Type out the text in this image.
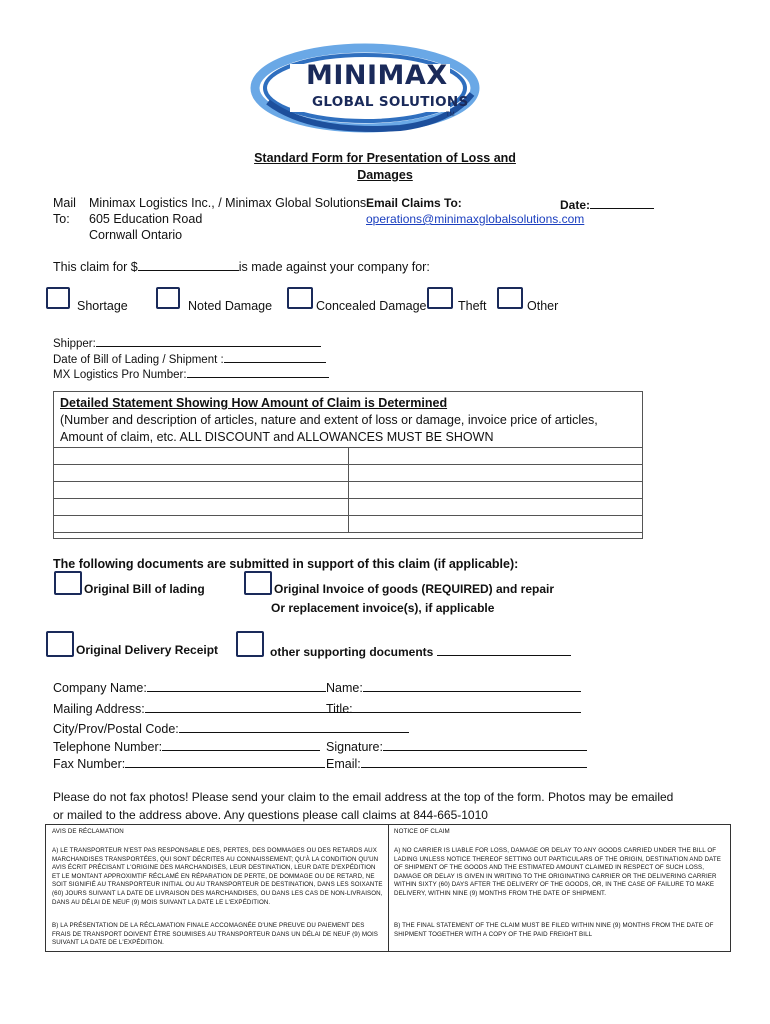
MINIMAX
GLOBAL SOLUTIONS
TM
Standard Form for Presentation of Loss and
Damages
Mail
To:
Minimax Logistics Inc., / Minimax Global Solutions
605 Education Road
Cornwall Ontario
Email Claims To:
operations@minimaxglobalsolutions.com
Date:
This claim for $	is made against your company for:
Shortage	Noted Damage	Concealed Damage	Theft	Other
Shipper:
Date of Bill of Lading / Shipment :
MX Logistics Pro Number:
Detailed Statement Showing How Amount of Claim is Determined
(Number and description of articles, nature and extent of loss or damage, invoice price of articles,
Amount of claim, etc. ALL DISCOUNT and ALLOWANCES MUST BE SHOWN

The following documents are submitted in support of this claim (if applicable):
Original Bill of lading	Original Invoice of goods (REQUIRED) and repair
Or replacement invoice(s), if applicable
Original Delivery Receipt	other supporting documents
Company Name:	Name:
Mailing Address:	Title:
City/Prov/Postal Code:
Telephone Number:	Signature:
Fax Number:	Email:
Please do not fax photos! Please send your claim to the email address at the top of the form. Photos may be emailed
or mailed to the address above. Any questions please call claims at 844-665-1010
AVIS DE RÉCLAMATION
A) LE TRANSPORTEUR N'EST PAS RESPONSABLE DES, PERTES, DES DOMMAGES OU DES RETARDS AUX MARCHANDISES TRANSPORTÉES, QUI SONT DÉCRITES AU CONNAISSEMENT; QU'À LA CONDITION QU'UN AVIS ÉCRIT PRÉCISANT L'ORIGINE DES MARCHANDISES, LEUR DESTINATION, LEUR DATE D'EXPÉDITION ET LE MONTANT APPROXIMTIF RÉCLAMÉ EN RÉPARATION DE PERTE, DE DOMMAGE OU DE RETARD, NE SOIT SIGNIFIÉ AU TRANSPORTEUR INITIAL OU AU TRANSPORTEUR DE DESTINATION, DANS LES SOIXANTE (60) JOURS SUIVANT LA DATE DE LIVRAISON DES MARCHANDISES, OU DANS LES CAS DE NON-LIVRAISON, DANS AU DÉLAI DE NEUF (9) MOIS SUIVANT LA DATE LE L'EXPÉDITION.
B) LA PRÉSENTATION DE LA RÉCLAMATION FINALE ACCOMAGNÉE D'UNE PREUVE DU PAIEMENT DES FRAIS DE TRANSPORT DOIVENT ÊTRE SOUMISES AU TRANSPORTEUR DANS UN DÉLAI DE NEUF (9) MOIS SUIVANT LA DATE DE L'EXPÉDITION.
NOTICE OF CLAIM
A) NO CARRIER IS LIABLE FOR LOSS, DAMAGE OR DELAY TO ANY GOODS CARRIED UNDER THE BILL OF LADING UNLESS NOTICE THEREOF SETTING OUT PARTICULARS OF THE ORIGIN, DESTINATION AND DATE OF SHIPMENT OF THE GOODS AND THE ESTIMATED AMOUNT CLAIMED IN RESPECT OF SUCH LOSS, DAMAGE OR DELAY IS GIVEN IN WRITING TO THE ORIGINATING CARRIER OR THE DELIVERING CARRIER WITHIN SIXTY (60) DAYS AFTER THE DELIVERY OF THE GOODS, OR, IN THE CASE OF FAILURE TO MAKE DELIVERY, WITHIN NINE (9) MONTHS FROM THE DATE OF SHIPMENT.
B) THE FINAL STATEMENT OF THE CLAIM MUST BE FILED WITHIN NINE (9) MONTHS FROM THE DATE OF SHIPMENT TOGETHER WITH A COPY OF THE PAID FREIGHT BILL
